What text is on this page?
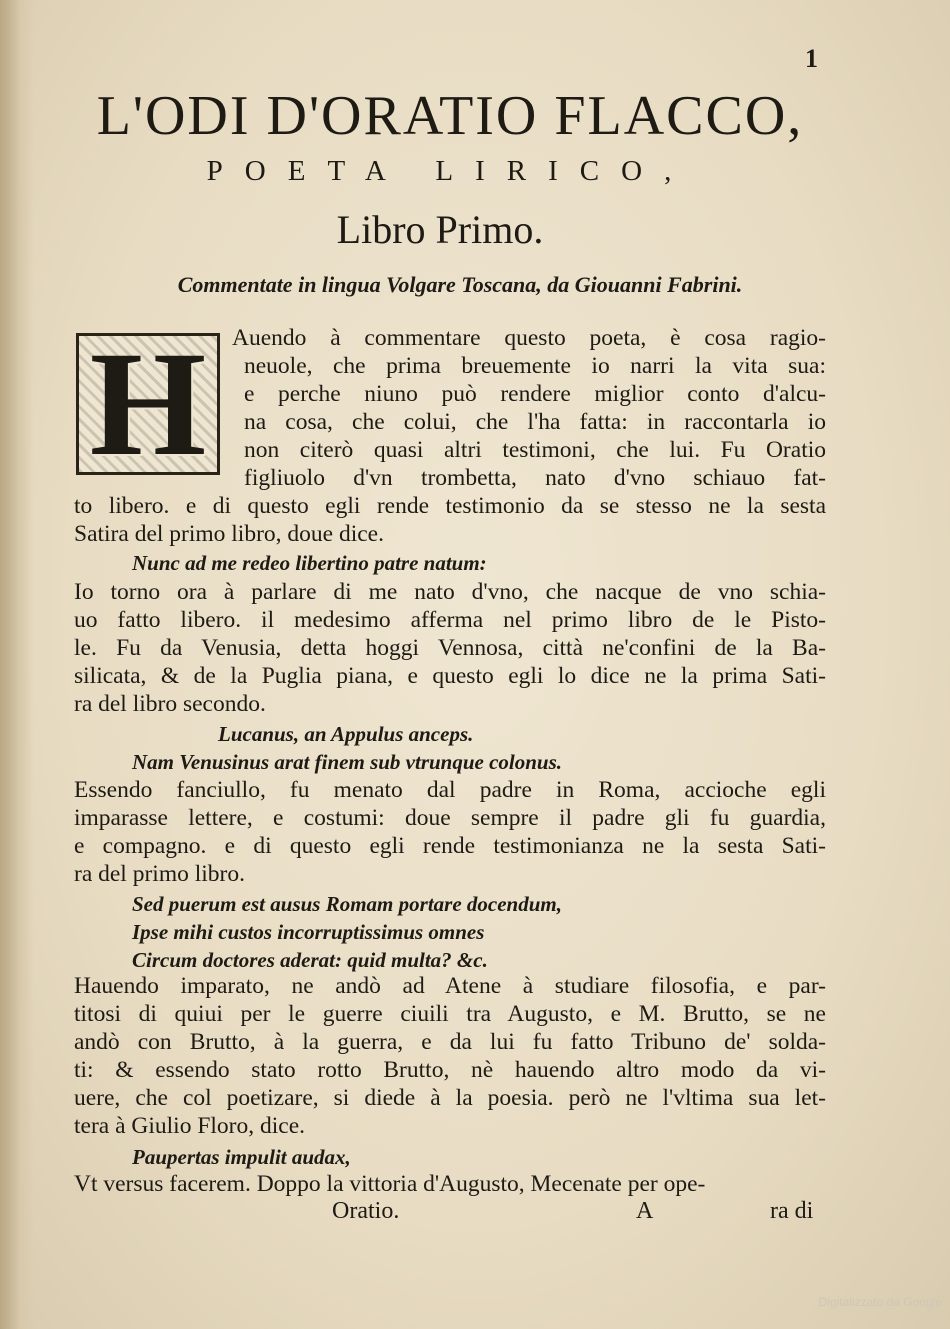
1
L'ODI D'ORATIO FLACCO,
POETA LIRICO,
Libro Primo.
Commentate in lingua Volgare Toscana, da Giouanni Fabrini.
H Auendo à commentare questo poeta, è cosa ragio-
neuole, che prima breuemente io narri la vita sua:
e perche niuno può rendere miglior conto d'alcu-
na cosa, che colui, che l'ha fatta: in raccontarla io
non citerò quasi altri testimoni, che lui. Fu Oratio
figliuolo d'vn trombetta, nato d'vno schiauo fat-
to libero. e di questo egli rende testimonio da se stesso ne la sesta
Satira del primo libro, doue dice.
Nunc ad me redeo libertino patre natum:
Io torno ora à parlare di me nato d'vno, che nacque de vno schia-
uo fatto libero. il medesimo afferma nel primo libro de le Pisto-
le. Fu da Venusia, detta hoggi Vennosa, città ne'confini de la Ba-
silicata, & de la Puglia piana, e questo egli lo dice ne la prima Sati-
ra del libro secondo.
Lucanus, an Appulus anceps.
Nam Venusinus arat finem sub vtrunque colonus.
Essendo fanciullo, fu menato dal padre in Roma, accioche egli
imparasse lettere, e costumi: doue sempre il padre gli fu guardia,
e compagno. e di questo egli rende testimonianza ne la sesta Sati-
ra del primo libro.
Sed puerum est ausus Romam portare docendum,
Ipse mihi custos incorruptissimus omnes
Circum doctores aderat: quid multa? &c.
Hauendo imparato, ne andò ad Atene à studiare filosofia, e par-
titosi di quiui per le guerre ciuili tra Augusto, e M. Brutto, se ne
andò con Brutto, à la guerra, e da lui fu fatto Tribuno de' solda-
ti: & essendo stato rotto Brutto, nè hauendo altro modo da vi-
uere, che col poetizare, si diede à la poesia. però ne l'vltima sua let-
tera à Giulio Floro, dice.
Paupertas impulit audax,
Vt versus facerem. Doppo la vittoria d'Augusto, Mecenate per ope-
Oratio.	A	ra di
Digitalizzato da Google
